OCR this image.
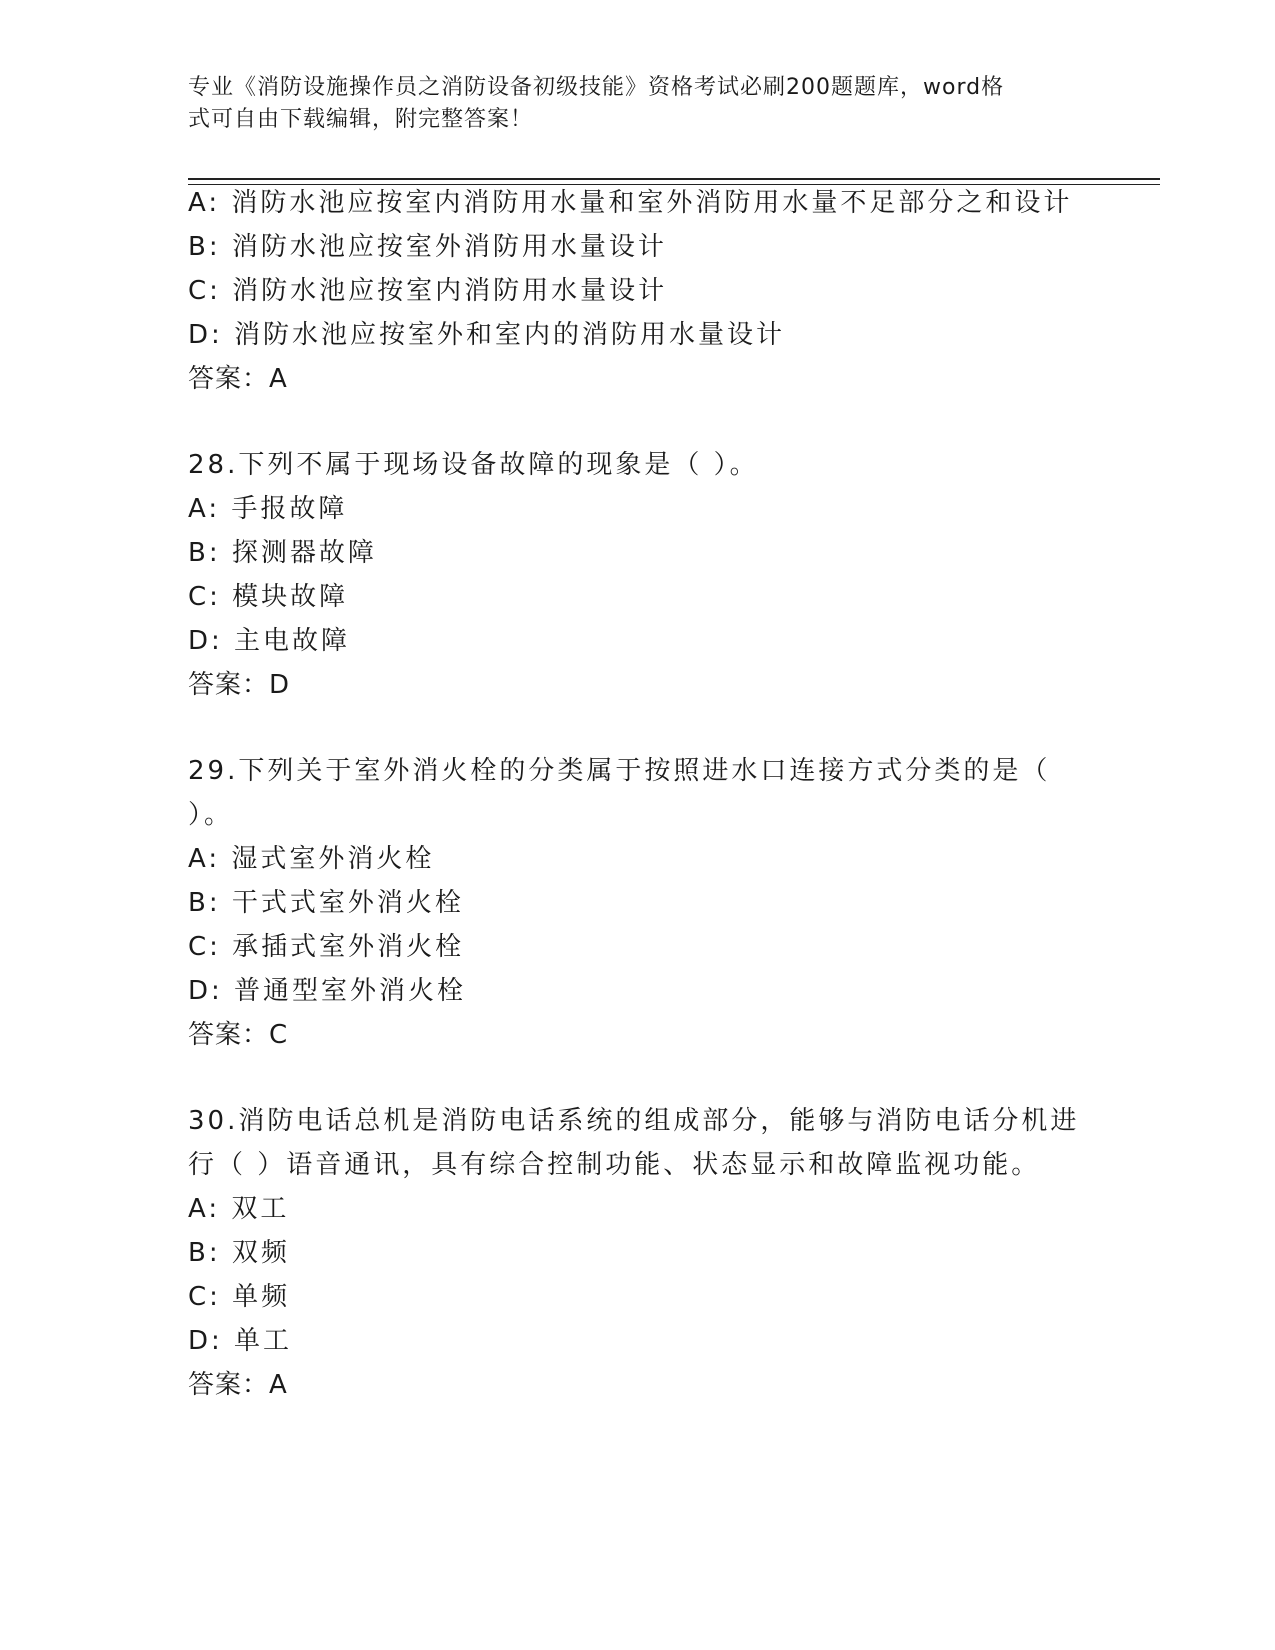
专业《消防设施操作员之消防设备初级技能》资格考试必刷200题题库，word格
式可自由下载编辑，附完整答案！
A: 消防水池应按室内消防用水量和室外消防用水量不足部分之和设计
B: 消防水池应按室外消防用水量设计
C: 消防水池应按室内消防用水量设计
D: 消防水池应按室外和室内的消防用水量设计
答案：A
28.下列不属于现场设备故障的现象是（ ）。
A: 手报故障
B: 探测器故障
C: 模块故障
D: 主电故障
答案：D
29.下列关于室外消火栓的分类属于按照进水口连接方式分类的是（
）。
A: 湿式室外消火栓
B: 干式式室外消火栓
C: 承插式室外消火栓
D: 普通型室外消火栓
答案：C
30.消防电话总机是消防电话系统的组成部分，能够与消防电话分机进
行（ ）语音通讯，具有综合控制功能、状态显示和故障监视功能。
A: 双工
B: 双频
C: 单频
D: 单工
答案：A
